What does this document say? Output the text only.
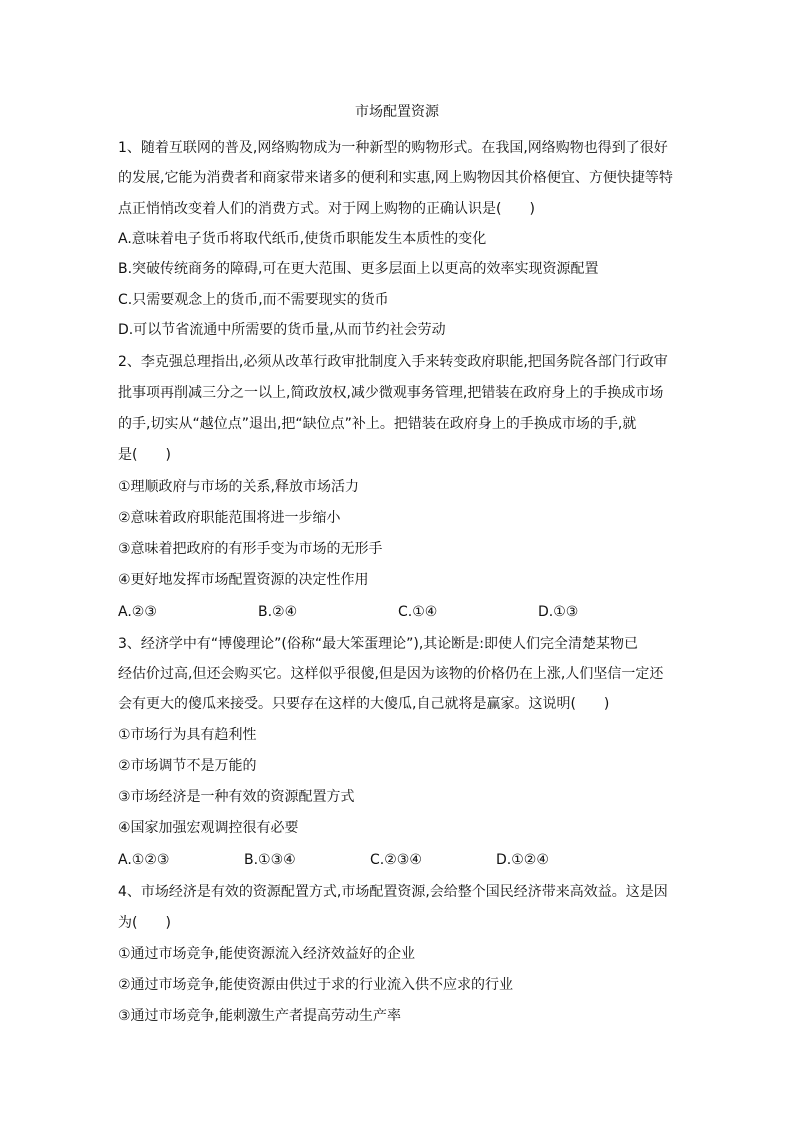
市场配置资源
1、随着互联网的普及,网络购物成为一种新型的购物形式。在我国,网络购物也得到了很好
的发展,它能为消费者和商家带来诸多的便利和实惠,网上购物因其价格便宜、方便快捷等特
点正悄悄改变着人们的消费方式。对于网上购物的正确认识是(　　)
A.意味着电子货币将取代纸币,使货币职能发生本质性的变化
B.突破传统商务的障碍,可在更大范围、更多层面上以更高的效率实现资源配置
C.只需要观念上的货币,而不需要现实的货币
D.可以节省流通中所需要的货币量,从而节约社会劳动
2、李克强总理指出,必须从改革行政审批制度入手来转变政府职能,把国务院各部门行政审
批事项再削减三分之一以上,简政放权,减少微观事务管理,把错装在政府身上的手换成市场
的手,切实从“越位点”退出,把“缺位点”补上。把错装在政府身上的手换成市场的手,就
是(　　)
①理顺政府与市场的关系,释放市场活力
②意味着政府职能范围将进一步缩小
③意味着把政府的有形手变为市场的无形手
④更好地发挥市场配置资源的决定性作用
A.②③	B.②④	C.①④	D.①③
3、经济学中有“博傻理论”(俗称“最大笨蛋理论”),其论断是:即使人们完全清楚某物已
经估价过高,但还会购买它。这样似乎很傻,但是因为该物的价格仍在上涨,人们坚信一定还
会有更大的傻瓜来接受。只要存在这样的大傻瓜,自己就将是赢家。这说明(　　)
①市场行为具有趋利性
②市场调节不是万能的
③市场经济是一种有效的资源配置方式
④国家加强宏观调控很有必要
A.①②③	B.①③④	C.②③④	D.①②④
4、市场经济是有效的资源配置方式,市场配置资源,会给整个国民经济带来高效益。这是因
为(　　)
①通过市场竞争,能使资源流入经济效益好的企业
②通过市场竞争,能使资源由供过于求的行业流入供不应求的行业
③通过市场竞争,能刺激生产者提高劳动生产率
